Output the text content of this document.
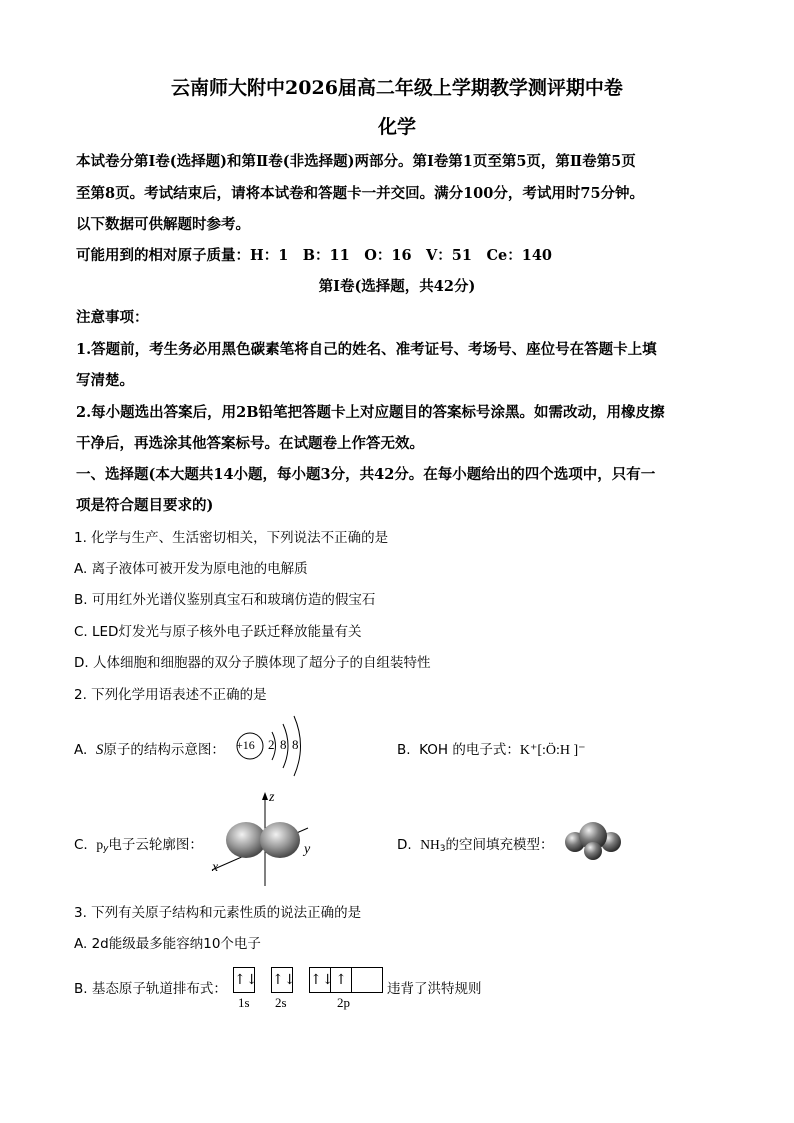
云南师大附中2026届高二年级上学期教学测评期中卷
化学
本试卷分第Ⅰ卷(选择题)和第Ⅱ卷(非选择题)两部分。第Ⅰ卷第1页至第5页，第Ⅱ卷第5页
至第8页。考试结束后，请将本试卷和答题卡一并交回。满分100分，考试用时75分钟。
以下数据可供解题时参考。
可能用到的相对原子质量：H：1　B：11　O：16　V：51　Ce：140
第Ⅰ卷(选择题，共42分)
注意事项：
1.答题前，考生务必用黑色碳素笔将自己的姓名、准考证号、考场号、座位号在答题卡上填
写清楚。
2.每小题选出答案后，用2B铅笔把答题卡上对应题目的答案标号涂黑。如需改动，用橡皮擦
干净后，再选涂其他答案标号。在试题卷上作答无效。
一、选择题(本大题共14小题，每小题3分，共42分。在每小题给出的四个选项中，只有一
项是符合题目要求的)
1. 化学与生产、生活密切相关，下列说法不正确的是
A. 离子液体可被开发为原电池的电解质
B. 可用红外光谱仪鉴别真宝石和玻璃仿造的假宝石
C. LED灯发光与原子核外电子跃迁释放能量有关
D. 人体细胞和细胞器的双分子膜体现了超分子的自组装特性
2. 下列化学用语表述不正确的是
A. S原子的结构示意图： +16 2 8 8	B. KOH 的电子式：K⁺[:Ö:H ]⁻
C. $p_y$电子云轮廓图：
z
y
x
D. $NH_3$的空间填充模型：
3. 下列有关原子结构和元素性质的说法正确的是
A. 2d能级最多能容纳10个电子
B. 基态原子轨道排布式：
↑↓ ↑↓ ↑↓ ↑
1s 2s	2p
违背了洪特规则
